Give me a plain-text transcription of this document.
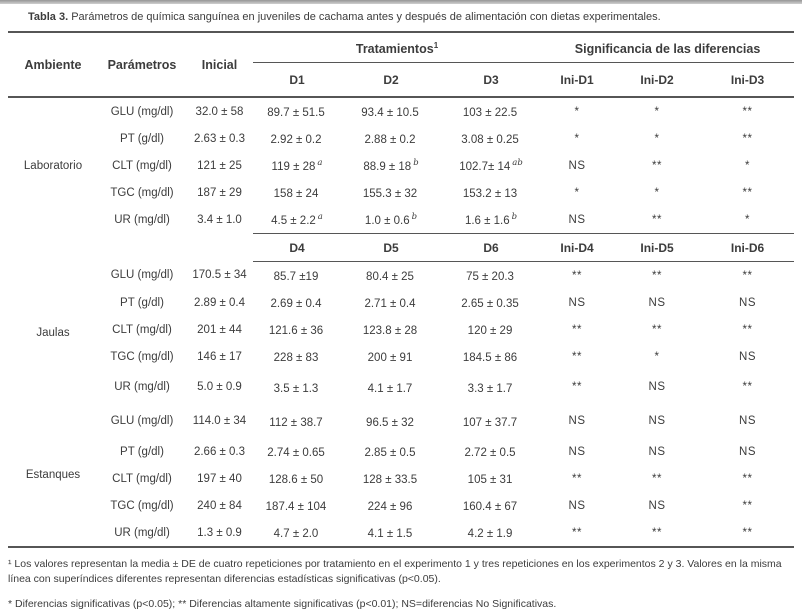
Tabla 3. Parámetros de química sanguínea en juveniles de cachama antes y después de alimentación con dietas experimentales.

Ambiente	Parámetros	Inicial	Tratamientos$^1$			Significancia de las diferencias		
			D1	D2	D3	Ini-D1	Ini-D2	Ini-D3
Laboratorio	GLU (mg/dl)	32.0 ± 58	89.7 ± 51.5	93.4 ± 10.5	103 ± 22.5	*	*	**
	PT (g/dl)	2.63 ± 0.3	2.92 ± 0.2	2.88 ± 0.2	3.08 ± 0.25	*	*	**
	CLT (mg/dl)	121 ± 25	119 ± 28 $^a$	88.9 ± 18 $^b$	102.7± 14 $^{ab}$	NS	**	*
	TGC (mg/dl)	187 ± 29	158 ± 24	155.3 ± 32	153.2 ± 13	*	*	**
	UR (mg/dl)	3.4 ± 1.0	4.5 ± 2.2 $^a$	1.0 ± 0.6 $^b$	1.6 ± 1.6 $^b$	NS	**	*
			D4	D5	D6	Ini-D4	Ini-D5	Ini-D6
Jaulas	GLU (mg/dl)	170.5 ± 34	85.7 ±19	80.4 ± 25	75 ± 20.3	**	**	**
	PT (g/dl)	2.89 ± 0.4	2.69 ± 0.4	2.71 ± 0.4	2.65 ± 0.35	NS	NS	NS
	CLT (mg/dl)	201 ± 44	121.6 ± 36	123.8 ± 28	120 ± 29	**	**	**
	TGC (mg/dl)	146 ± 17	228 ± 83	200 ± 91	184.5 ± 86	**	*	NS
	UR (mg/dl)	5.0 ± 0.9	3.5 ± 1.3	4.1 ± 1.7	3.3 ± 1.7	**	NS	**
Estanques	GLU (mg/dl)	114.0 ± 34	112 ± 38.7	96.5 ± 32	107 ± 37.7	NS	NS	NS
	PT (g/dl)	2.66 ± 0.3	2.74 ± 0.65	2.85 ± 0.5	2.72 ± 0.5	NS	NS	NS
	CLT (mg/dl)	197 ± 40	128.6 ± 50	128 ± 33.5	105 ± 31	**	**	**
	TGC (mg/dl)	240 ± 84	187.4 ± 104	224 ± 96	160.4 ± 67	NS	NS	**
	UR (mg/dl)	1.3 ± 0.9	4.7 ± 2.0	4.1 ± 1.5	4.2 ± 1.9	**	**	**

¹ Los valores representan la media ± DE de cuatro repeticiones por tratamiento en el experimento 1 y tres repeticiones en los experimentos 2 y 3. Valores en la misma línea con superíndices diferentes representan diferencias estadísticas significativas (p<0.05).

* Diferencias significativas (p<0.05); ** Diferencias altamente significativas (p<0.01); NS=diferencias No Significativas.
